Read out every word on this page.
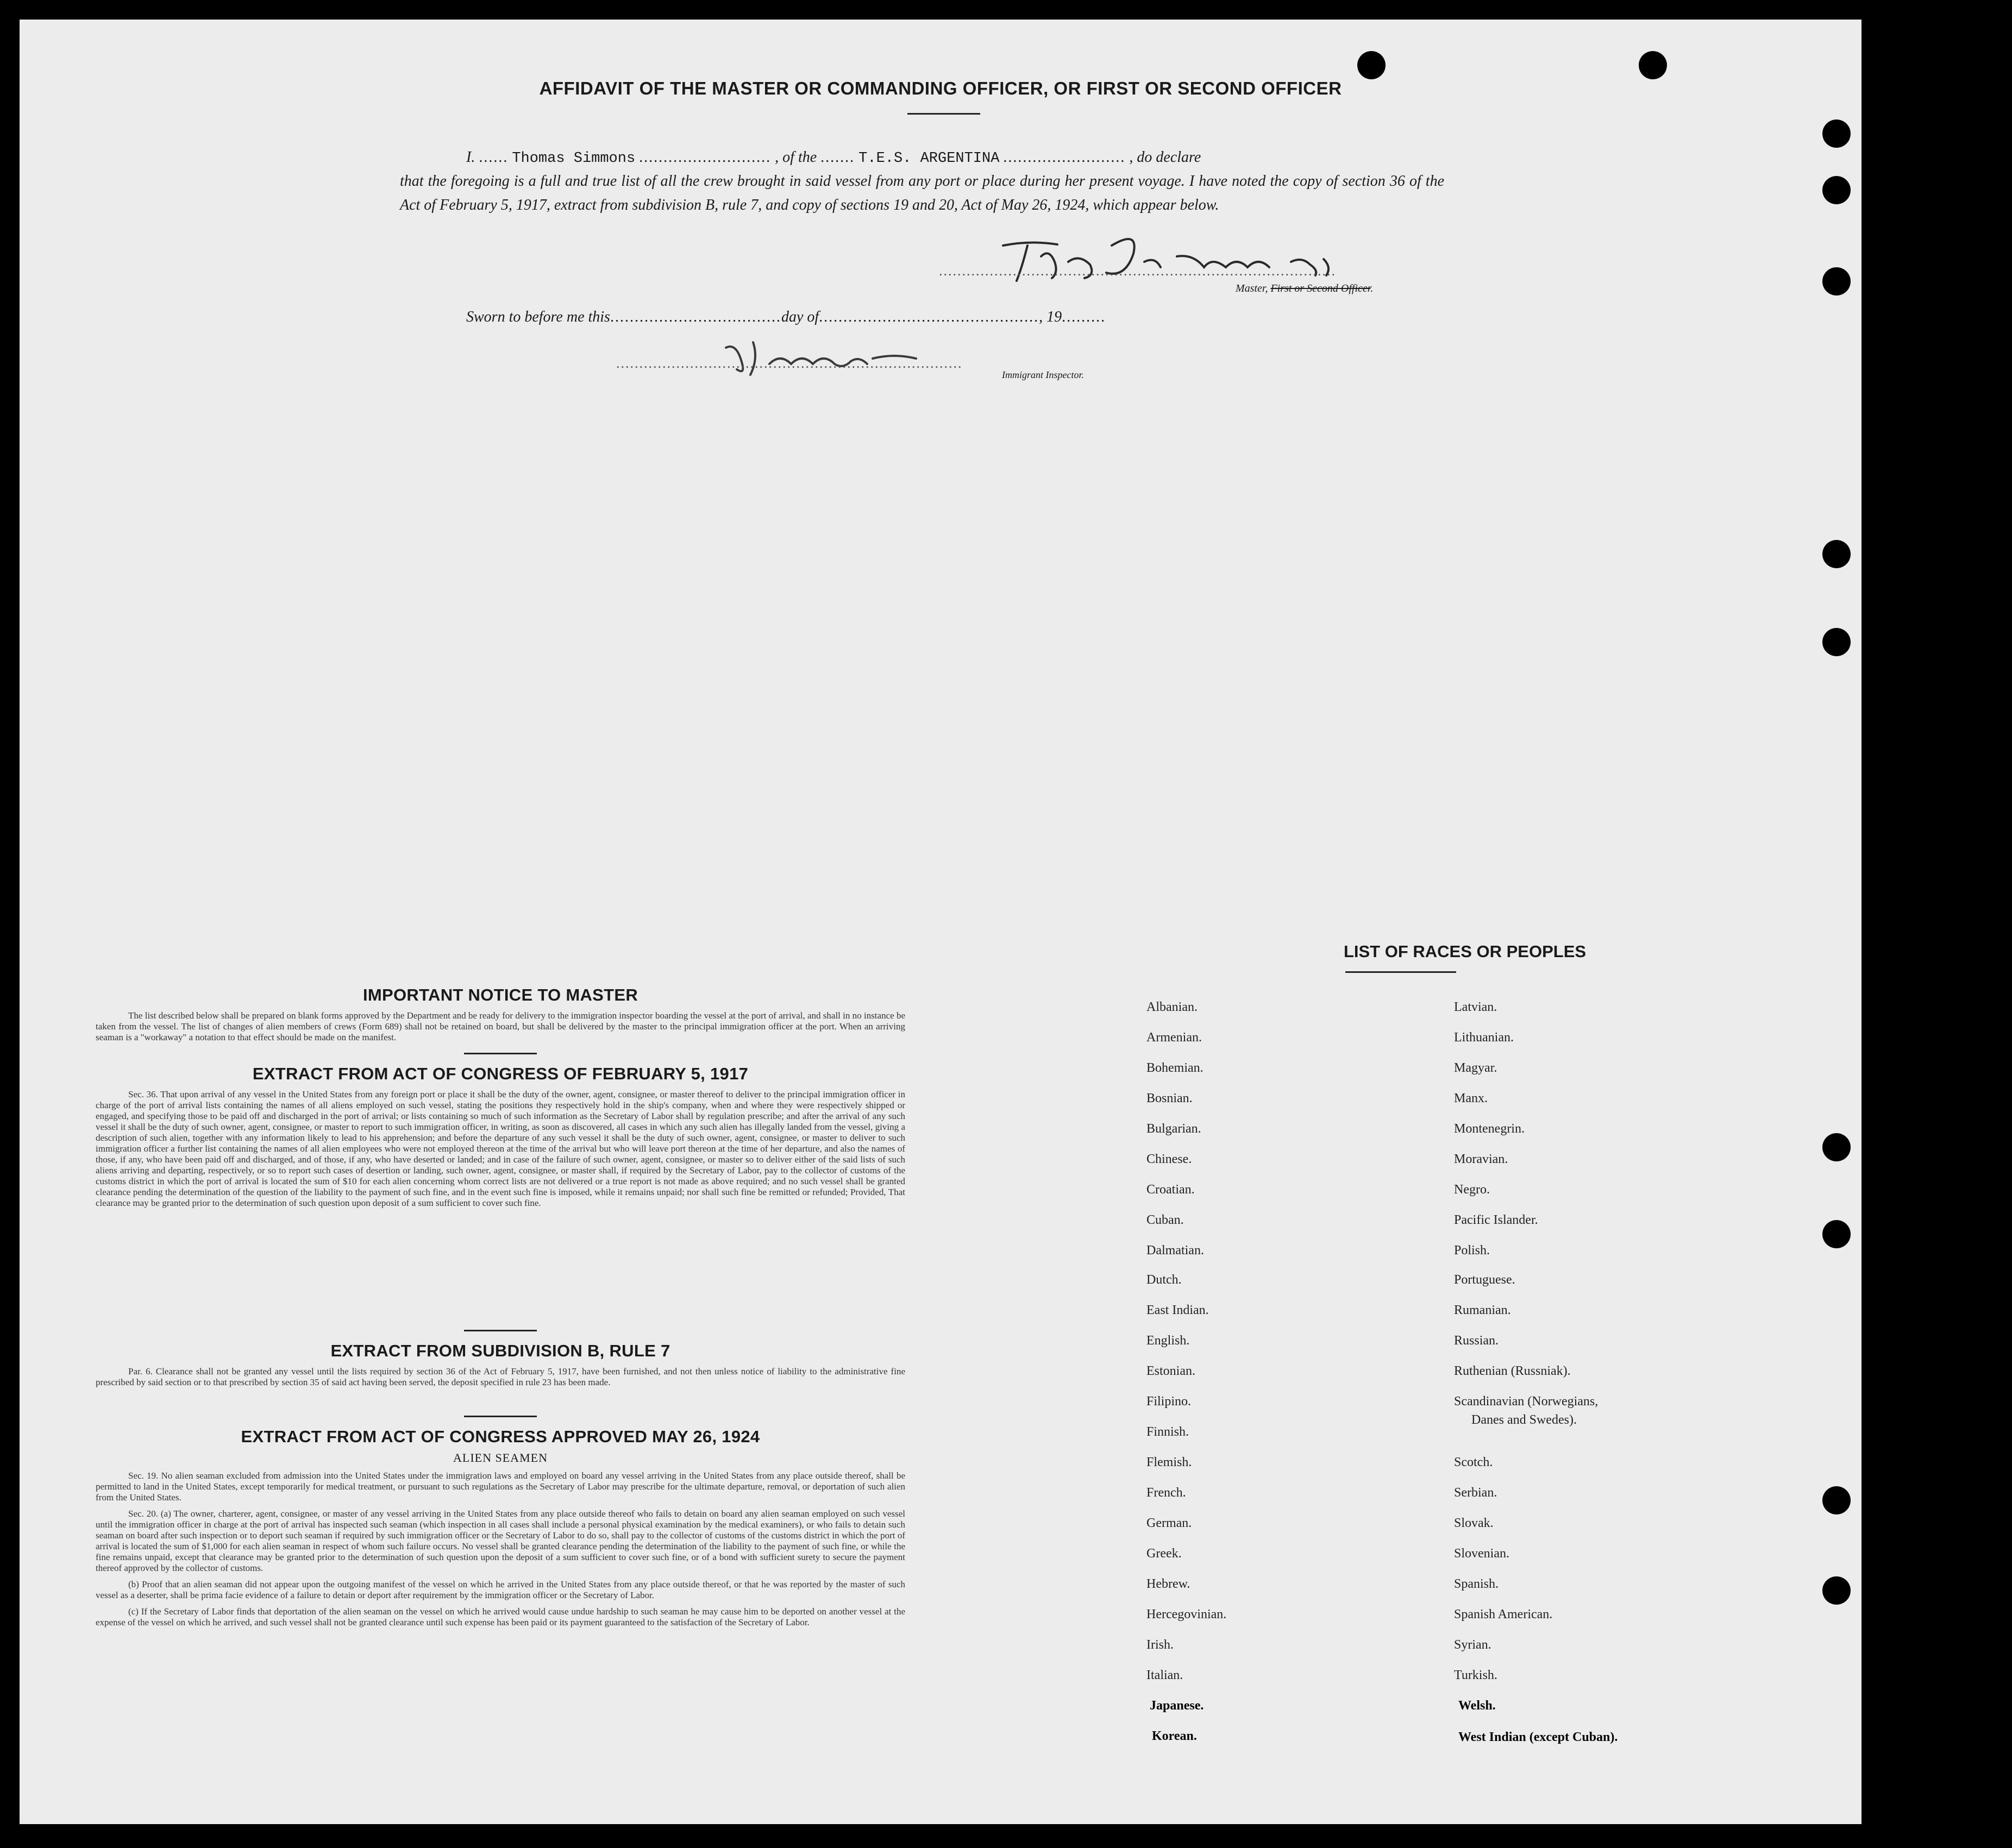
AFFIDAVIT OF THE MASTER OR COMMANDING OFFICER, OR FIRST OR SECOND OFFICER
I. ...... Thomas Simmons ........................... , of the ....... T.E.S. ARGENTINA ......................... , do declare
that the foregoing is a full and true list of all the crew brought in said vessel from any port or place during her present voyage. I have noted the copy of section 36 of the Act of February 5, 1917, extract from subdivision B, rule 7, and copy of sections 19 and 20, Act of May 26, 1924, which appear below.
......................................................................................
Master, First or Second Officer.
Sworn to before me this...................................day of............................................., 19.........
...........................................................................
Immigrant Inspector.
IMPORTANT NOTICE TO MASTER

The list described below shall be prepared on blank forms approved by the Department and be ready for delivery to the immigration inspector boarding the vessel at the port of arrival, and shall in no instance be taken from the vessel. The list of changes of alien members of crews (Form 689) shall not be retained on board, but shall be delivered by the master to the principal immigration officer at the port. When an arriving seaman is a "workaway" a notation to that effect should be made on the manifest.

EXTRACT FROM ACT OF CONGRESS OF FEBRUARY 5, 1917

Sec. 36. That upon arrival of any vessel in the United States from any foreign port or place it shall be the duty of the owner, agent, consignee, or master thereof to deliver to the principal immigration officer in charge of the port of arrival lists containing the names of all aliens employed on such vessel, stating the positions they respectively hold in the ship's company, when and where they were respectively shipped or engaged, and specifying those to be paid off and discharged in the port of arrival; or lists containing so much of such information as the Secretary of Labor shall by regulation prescribe; and after the arrival of any such vessel it shall be the duty of such owner, agent, consignee, or master to report to such immigration officer, in writing, as soon as discovered, all cases in which any such alien has illegally landed from the vessel, giving a description of such alien, together with any information likely to lead to his apprehension; and before the departure of any such vessel it shall be the duty of such owner, agent, consignee, or master to deliver to such immigration officer a further list containing the names of all alien employees who were not employed thereon at the time of the arrival but who will leave port thereon at the time of her departure, and also the names of those, if any, who have been paid off and discharged, and of those, if any, who have deserted or landed; and in case of the failure of such owner, agent, consignee, or master so to deliver either of the said lists of such aliens arriving and departing, respectively, or so to report such cases of desertion or landing, such owner, agent, consignee, or master shall, if required by the Secretary of Labor, pay to the collector of customs of the customs district in which the port of arrival is located the sum of $10 for each alien concerning whom correct lists are not delivered or a true report is not made as above required; and no such vessel shall be granted clearance pending the determination of the question of the liability to the payment of such fine, and in the event such fine is imposed, while it remains unpaid; nor shall such fine be remitted or refunded; Provided, That clearance may be granted prior to the determination of such question upon deposit of a sum sufficient to cover such fine.

EXTRACT FROM SUBDIVISION B, RULE 7

Par. 6. Clearance shall not be granted any vessel until the lists required by section 36 of the Act of February 5, 1917, have been furnished, and not then unless notice of liability to the administrative fine prescribed by said section or to that prescribed by section 35 of said act having been served, the deposit specified in rule 23 has been made.

EXTRACT FROM ACT OF CONGRESS APPROVED MAY 26, 1924
ALIEN SEAMEN

Sec. 19. No alien seaman excluded from admission into the United States under the immigration laws and employed on board any vessel arriving in the United States from any place outside thereof, shall be permitted to land in the United States, except temporarily for medical treatment, or pursuant to such regulations as the Secretary of Labor may prescribe for the ultimate departure, removal, or deportation of such alien from the United States.

Sec. 20. (a) The owner, charterer, agent, consignee, or master of any vessel arriving in the United States from any place outside thereof who fails to detain on board any alien seaman employed on such vessel until the immigration officer in charge at the port of arrival has inspected such seaman (which inspection in all cases shall include a personal physical examination by the medical examiners), or who fails to detain such seaman on board after such inspection or to deport such seaman if required by such immigration officer or the Secretary of Labor to do so, shall pay to the collector of customs of the customs district in which the port of arrival is located the sum of $1,000 for each alien seaman in respect of whom such failure occurs. No vessel shall be granted clearance pending the determination of the liability to the payment of such fine, or while the fine remains unpaid, except that clearance may be granted prior to the determination of such question upon the deposit of a sum sufficient to cover such fine, or of a bond with sufficient surety to secure the payment thereof approved by the collector of customs.

(b) Proof that an alien seaman did not appear upon the outgoing manifest of the vessel on which he arrived in the United States from any place outside thereof, or that he was reported by the master of such vessel as a deserter, shall be prima facie evidence of a failure to detain or deport after requirement by the immigration officer or the Secretary of Labor.

(c) If the Secretary of Labor finds that deportation of the alien seaman on the vessel on which he arrived would cause undue hardship to such seaman he may cause him to be deported on another vessel at the expense of the vessel on which he arrived, and such vessel shall not be granted clearance until such expense has been paid or its payment guaranteed to the satisfaction of the Secretary of Labor.

LIST OF RACES OR PEOPLES
Albanian.
Armenian.
Bohemian.
Bosnian.
Bulgarian.
Chinese.
Croatian.
Cuban.
Dalmatian.
Dutch.
East Indian.
English.
Estonian.
Filipino.
Finnish.
Flemish.
French.
German.
Greek.
Hebrew.
Hercegovinian.
Irish.
Italian.
Japanese.
Korean.
Latvian.
Lithuanian.
Magyar.
Manx.
Montenegrin.
Moravian.
Negro.
Pacific Islander.
Polish.
Portuguese.
Rumanian.
Russian.
Ruthenian (Russniak).
Scandinavian (Norwegians,
Danes and Swedes).
Scotch.
Serbian.
Slovak.
Slovenian.
Spanish.
Spanish American.
Syrian.
Turkish.
Welsh.
West Indian (except Cuban).
